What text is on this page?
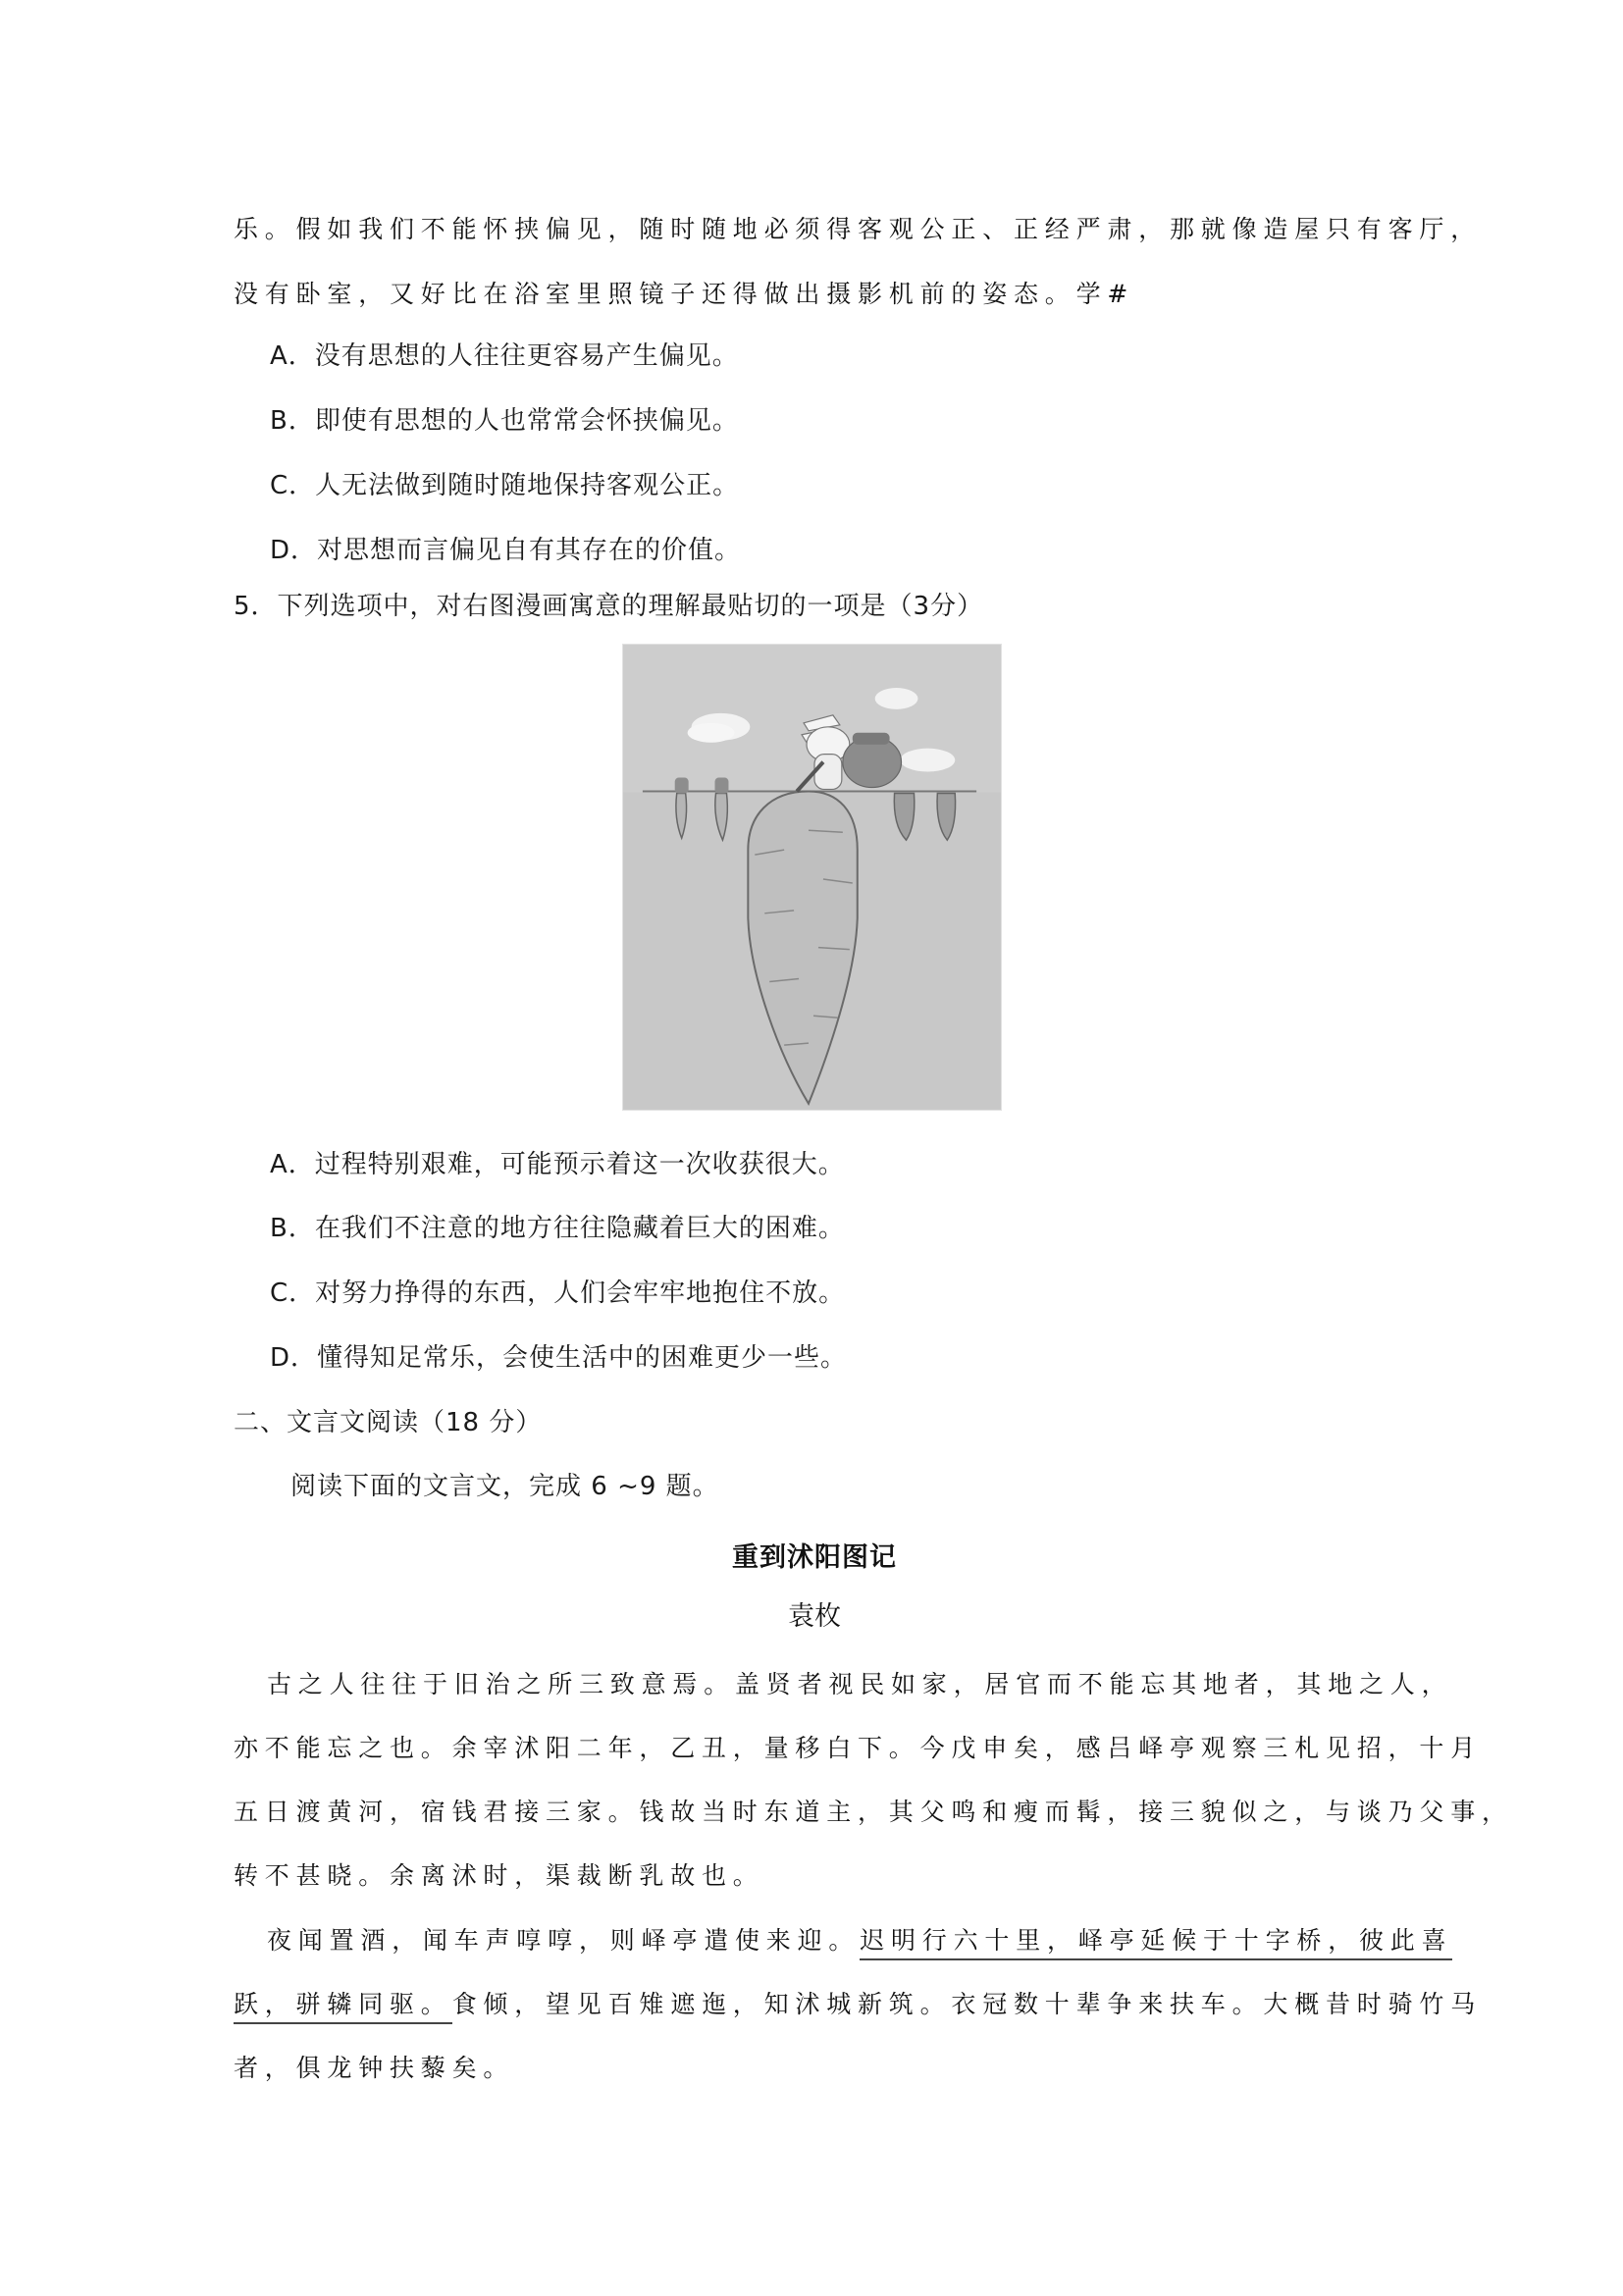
乐。假如我们不能怀挟偏见，随时随地必须得客观公正、正经严肃，那就像造屋只有客厅，
没有卧室，又好比在浴室里照镜子还得做出摄影机前的姿态。学#
A．没有思想的人往往更容易产生偏见。
B．即使有思想的人也常常会怀挟偏见。
C．人无法做到随时随地保持客观公正。
D．对思想而言偏见自有其存在的价值。
5．下列选项中，对右图漫画寓意的理解最贴切的一项是（3分）
A．过程特别艰难，可能预示着这一次收获很大。
B．在我们不注意的地方往往隐藏着巨大的困难。
C．对努力挣得的东西，人们会牢牢地抱住不放。
D．懂得知足常乐，会使生活中的困难更少一些。
二、文言文阅读（18 分）
阅读下面的文言文，完成 6 ~9 题。
重到沭阳图记
袁枚
古之人往往于旧治之所三致意焉。盖贤者视民如家，居官而不能忘其地者，其地之人，
亦不能忘之也。余宰沭阳二年，乙丑，量移白下。今戊申矣，感吕峄亭观察三札见招，十月
五日渡黄河，宿钱君接三家。钱故当时东道主，其父鸣和瘦而髯，接三貌似之，与谈乃父事，
转不甚晓。余离沭时，渠裁断乳故也。
夜闻置酒，闻车声啍啍，则峄亭遣使来迎。迟明行六十里，峄亭延候于十字桥，彼此喜
跃，骈辚同驱。食倾，望见百雉遮迤，知沭城新筑。衣冠数十辈争来扶车。大概昔时骑竹马
者，俱龙钟扶藜矣。
